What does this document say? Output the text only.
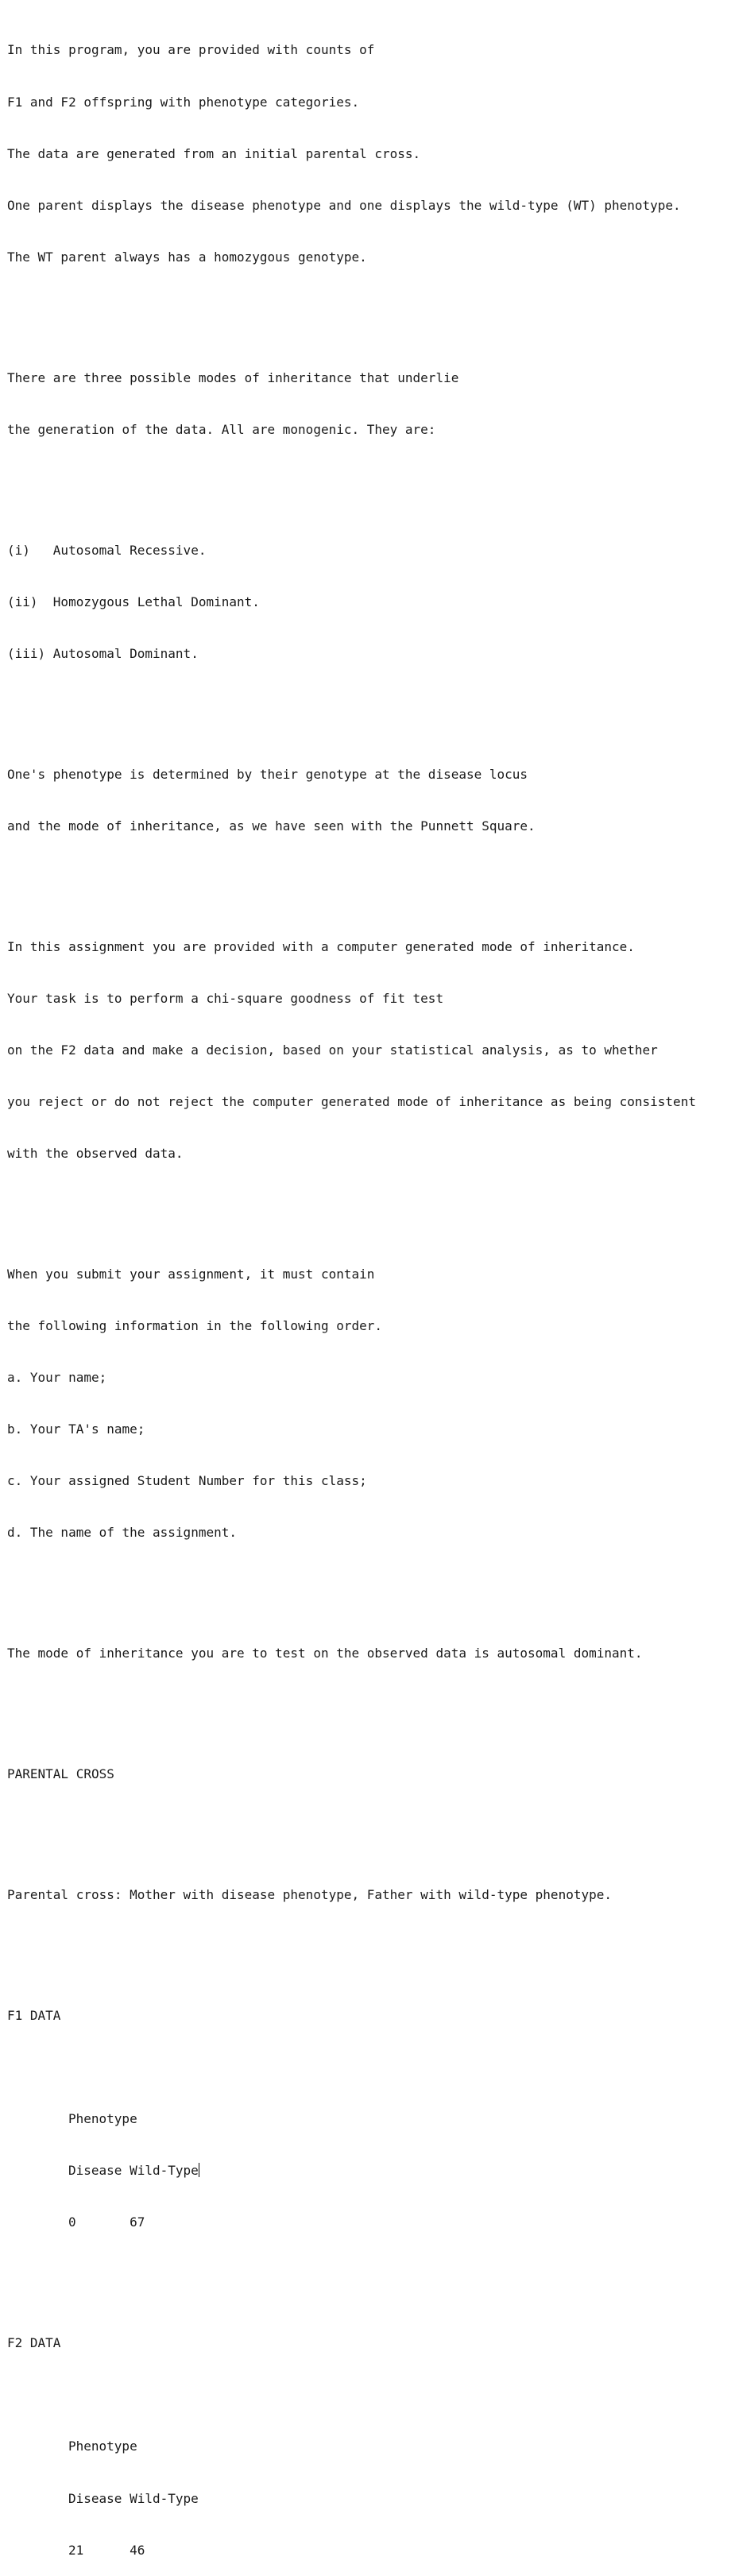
In this program, you are provided with counts of

F1 and F2 offspring with phenotype categories.

The data are generated from an initial parental cross.

One parent displays the disease phenotype and one displays the wild-type (WT) phenotype.

The WT parent always has a homozygous genotype.

There are three possible modes of inheritance that underlie

the generation of the data. All are monogenic. They are:

(i)   Autosomal Recessive.

(ii)  Homozygous Lethal Dominant.

(iii) Autosomal Dominant.

One's phenotype is determined by their genotype at the disease locus

and the mode of inheritance, as we have seen with the Punnett Square.

In this assignment you are provided with a computer generated mode of inheritance.

Your task is to perform a chi-square goodness of fit test

on the F2 data and make a decision, based on your statistical analysis, as to whether

you reject or do not reject the computer generated mode of inheritance as being consistent

with the observed data.

When you submit your assignment, it must contain

the following information in the following order.

a. Your name;

b. Your TA's name;

c. Your assigned Student Number for this class;

d. The name of the assignment.

The mode of inheritance you are to test on the observed data is autosomal dominant.

PARENTAL CROSS

Parental cross: Mother with disease phenotype, Father with wild-type phenotype.

F1 DATA

Phenotype

Disease Wild-Type

0       67

F2 DATA

Phenotype

Disease Wild-Type

21      46
